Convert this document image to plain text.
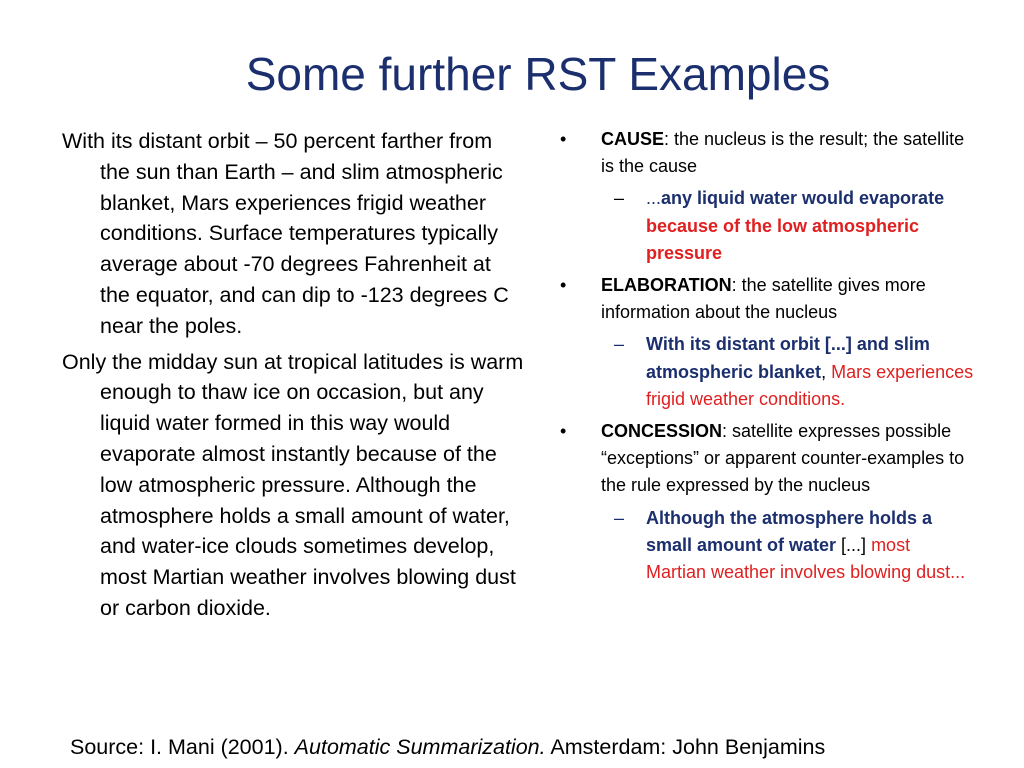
Some further RST Examples

With its distant orbit – 50 percent farther from the sun than Earth – and slim atmospheric blanket, Mars experiences frigid weather conditions. Surface temperatures typically average about -70 degrees Fahrenheit at the equator, and can dip to -123 degrees C near the poles.

Only the midday sun at tropical latitudes is warm enough to thaw ice on occasion, but any liquid water formed in this way would evaporate almost instantly because of the low atmospheric pressure. Although the atmosphere holds a small amount of water, and water-ice clouds sometimes develop, most Martian weather involves blowing dust or carbon dioxide.

• CAUSE: the nucleus is the result; the satellite is the cause
– ...any liquid water would evaporate because of the low atmospheric pressure
• ELABORATION: the satellite gives more information about the nucleus
– With its distant orbit [...] and slim atmospheric blanket, Mars experiences frigid weather conditions.
• CONCESSION: satellite expresses possible “exceptions” or apparent counter-examples to the rule expressed by the nucleus
– Although the atmosphere holds a small amount of water [...] most Martian weather involves blowing dust...
Source: I. Mani (2001). Automatic Summarization. Amsterdam: John Benjamins
